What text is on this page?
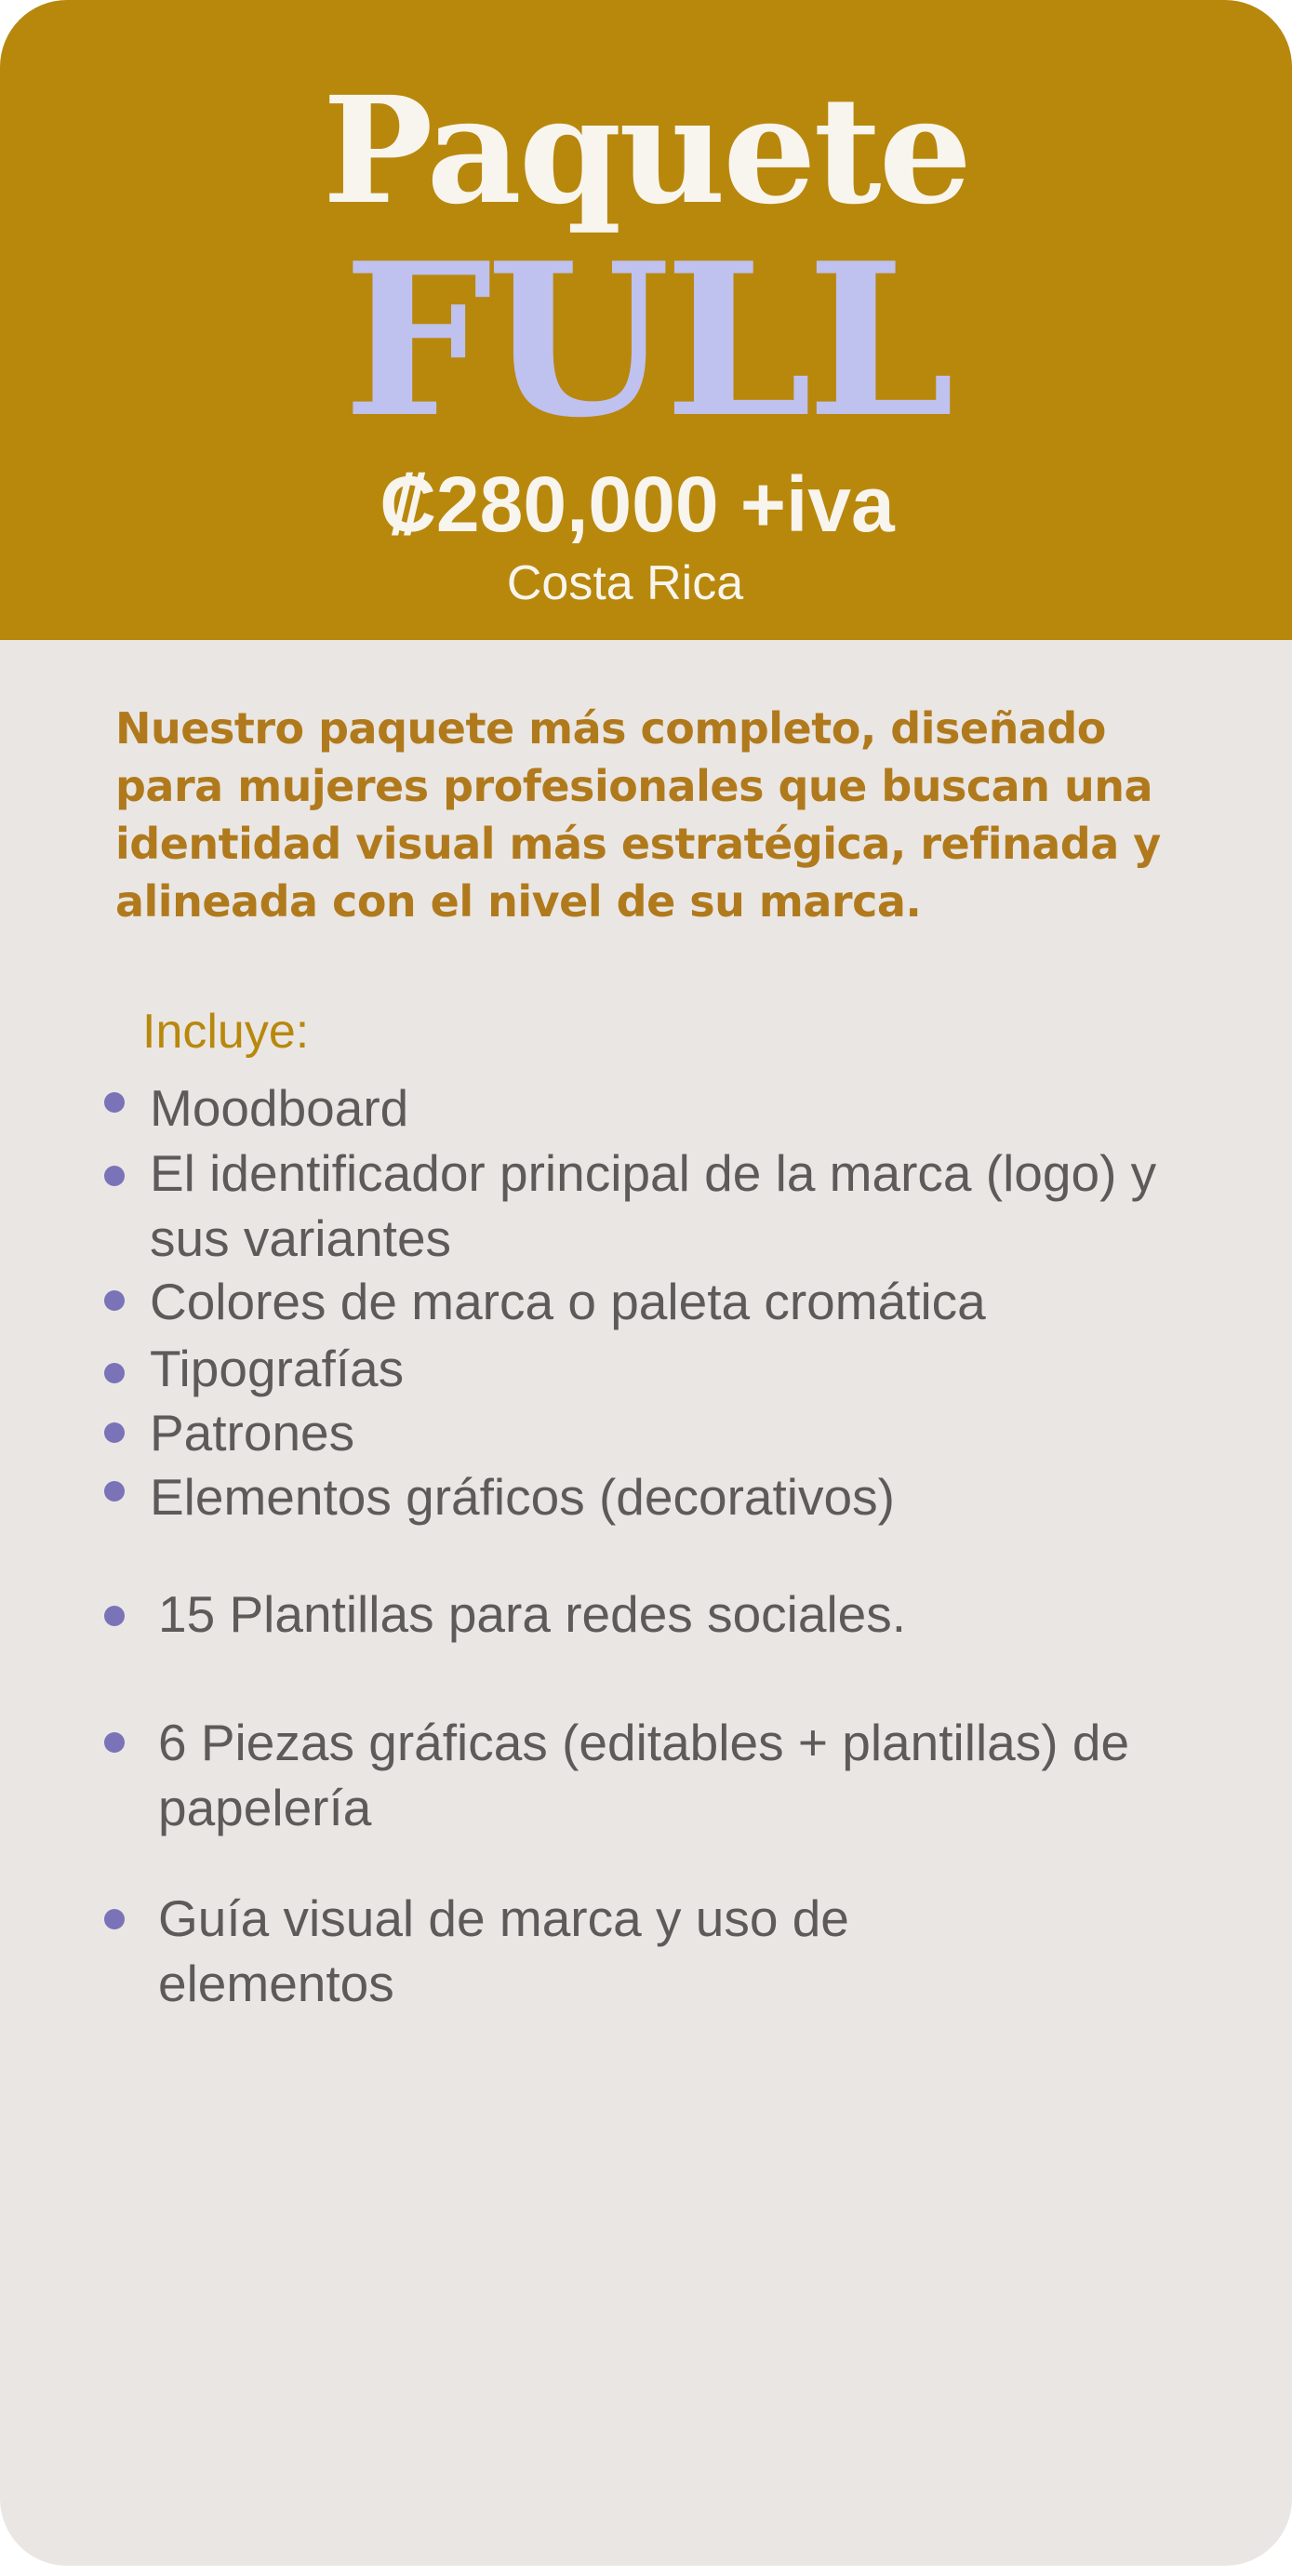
Paquete
FULL
₡280,000 +iva
Costa Rica
Nuestro paquete más completo, diseñado para mujeres profesionales que buscan una identidad visual más estratégica, refinada y alineada con el nivel de su marca.
Incluye:
Moodboard
El identificador principal de la marca (logo) y sus variantes
Colores de marca o paleta cromática
Tipografías
Patrones
Elementos gráficos (decorativos)
15 Plantillas para redes sociales.
6 Piezas gráficas (editables + plantillas) de papelería
Guía visual de marca y uso de elementos
